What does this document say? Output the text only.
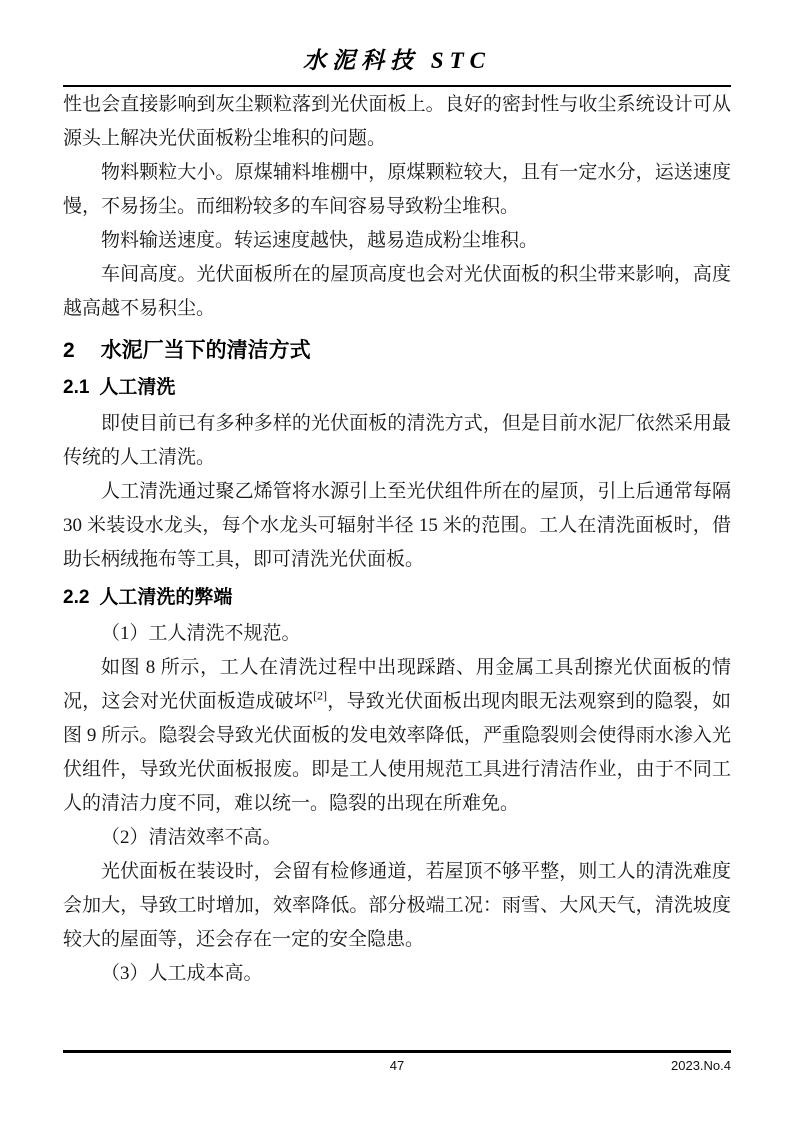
水泥科技 STC

性也会直接影响到灰尘颗粒落到光伏面板上。良好的密封性与收尘系统设计可从源头上解决光伏面板粉尘堆积的问题。

物料颗粒大小。原煤辅料堆棚中，原煤颗粒较大，且有一定水分，运送速度慢，不易扬尘。而细粉较多的车间容易导致粉尘堆积。

物料输送速度。转运速度越快，越易造成粉尘堆积。

车间高度。光伏面板所在的屋顶高度也会对光伏面板的积尘带来影响，高度越高越不易积尘。

2 水泥厂当下的清洁方式
2.1 人工清洗

即使目前已有多种多样的光伏面板的清洗方式，但是目前水泥厂依然采用最传统的人工清洗。

人工清洗通过聚乙烯管将水源引上至光伏组件所在的屋顶，引上后通常每隔 30 米装设水龙头，每个水龙头可辐射半径 15 米的范围。工人在清洗面板时，借助长柄绒拖布等工具，即可清洗光伏面板。

2.2 人工清洗的弊端

（1）工人清洗不规范。

如图 8 所示，工人在清洗过程中出现踩踏、用金属工具刮擦光伏面板的情况，这会对光伏面板造成破坏[2]，导致光伏面板出现肉眼无法观察到的隐裂，如图 9 所示。隐裂会导致光伏面板的发电效率降低，严重隐裂则会使得雨水渗入光伏组件，导致光伏面板报废。即是工人使用规范工具进行清洁作业，由于不同工人的清洁力度不同，难以统一。隐裂的出现在所难免。

（2）清洁效率不高。

光伏面板在装设时，会留有检修通道，若屋顶不够平整，则工人的清洗难度会加大，导致工时增加，效率降低。部分极端工况：雨雪、大风天气，清洗坡度较大的屋面等，还会存在一定的安全隐患。

（3）人工成本高。

47	2023.No.4
